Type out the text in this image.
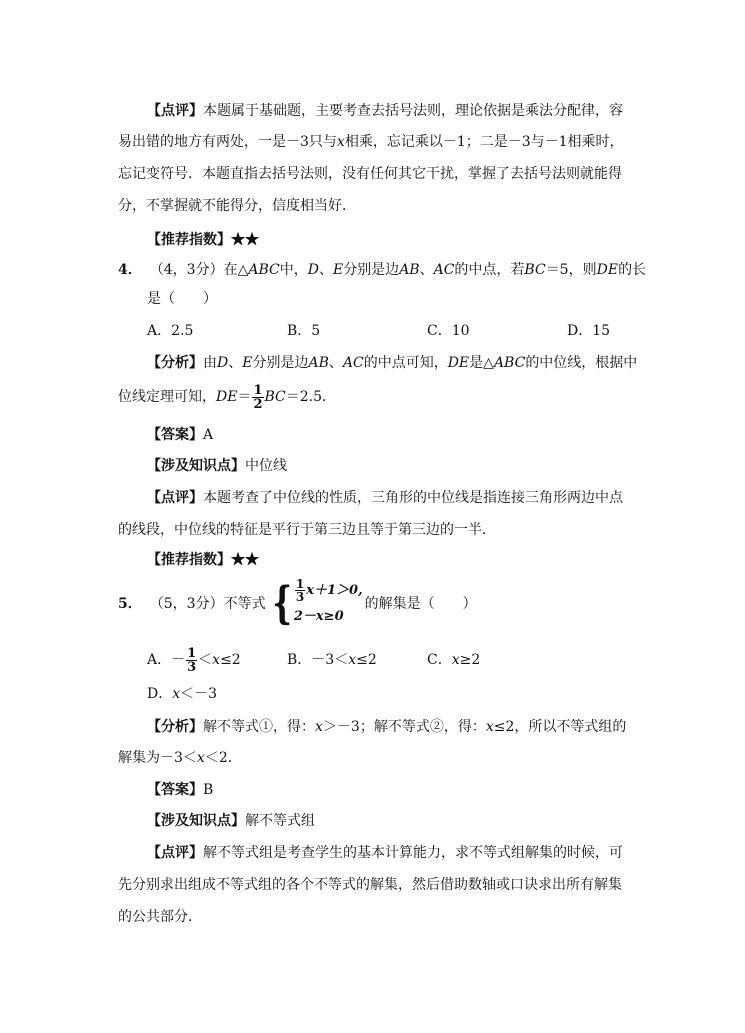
【点评】本题属于基础题，主要考查去括号法则，理论依据是乘法分配律，容
易出错的地方有两处，一是－3只与x相乘，忘记乘以－1；二是－3与－1相乘时，
忘记变符号．本题直指去括号法则，没有任何其它干扰，掌握了去括号法则就能得
分，不掌握就不能得分，信度相当好．
【推荐指数】★★
4． （4，3分）在△ABC中，D、E分别是边AB、AC的中点，若BC＝5，则DE的长
是（　　）
A．2.5	B．5	C．10	D．15
【分析】由D、E分别是边AB、AC的中点可知，DE是△ABC的中位线，根据中
位线定理可知，$DE= \frac{1}{2} BC=2.5$．
【答案】A
【涉及知识点】中位线
【点评】本题考查了中位线的性质，三角形的中位线是指连接三角形两边中点
的线段，中位线的特征是平行于第三边且等于第三边的一半．
【推荐指数】★★
5． （5，3分）不等式 { $\frac{1}{3} x+1>0$,
2－x≥0
的解集是（　　）
A．－ $\frac{1}{3} <x\le 2$	B．－3＜x≤2	C．x≥2
D．x＜－3
【分析】解不等式①，得：x＞－3；解不等式②，得：x≤2，所以不等式组的
解集为－3＜x＜2．
【答案】B
【涉及知识点】解不等式组
【点评】解不等式组是考查学生的基本计算能力，求不等式组解集的时候，可
先分别求出组成不等式组的各个不等式的解集，然后借助数轴或口诀求出所有解集
的公共部分．
